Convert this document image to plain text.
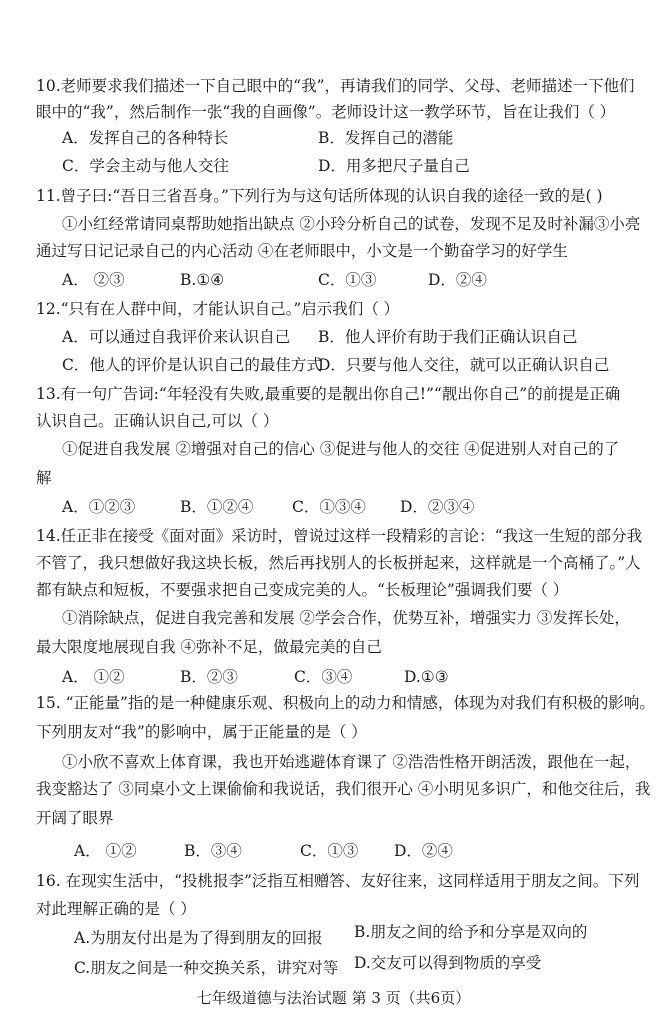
10.老师要求我们描述一下自己眼中的“我”，再请我们的同学、父母、老师描述一下他们
眼中的“我”，然后制作一张“我的自画像”。老师设计这一教学环节，旨在让我们（ ）
A．发挥自己的各种特长	B．发挥自己的潜能
C．学会主动与他人交往	D．用多把尺子量自己
11.曾子曰:“吾日三省吾身。”下列行为与这句话所体现的认识自我的途径一致的是( )
①小红经常请同桌帮助她指出缺点 ②小玲分析自己的试卷，发现不足及时补漏③小亮
通过写日记记录自己的内心活动 ④在老师眼中，小文是一个勤奋学习的好学生
A． ②③	B.①④	C．①③	D．②④
12.“只有在人群中间，才能认识自己。”启示我们（ ）
A．可以通过自我评价来认识自己 B．他人评价有助于我们正确认识自己
C．他人的评价是认识自己的最佳方式
D．只要与他人交往，就可以正确认识自己
13.有一句广告词:“年轻没有失败,最重要的是靓出你自己!”“靓出你自己”的前提是正确
认识自己。正确认识自己,可以（ ）
①促进自我发展 ②增强对自己的信心 ③促进与他人的交往 ④促进别人对自己的了
解
A．①②③	B．①②④ C．①③④ D．②③④
14.任正非在接受《面对面》采访时，曾说过这样一段精彩的言论：“我这一生短的部分我
不管了，我只想做好我这块长板，然后再找别人的长板拼起来，这样就是一个高桶了。”人
都有缺点和短板，不要强求把自己变成完美的人。“长板理论”强调我们要（ ）
①消除缺点，促进自我完善和发展 ②学会合作，优势互补，增强实力 ③发挥长处，
最大限度地展现自我 ④弥补不足，做最完美的自己
A． ①②	B．②③	C．③④	D.①③
15. “正能量”指的是一种健康乐观、积极向上的动力和情感，体现为对我们有积极的影响。
下列朋友对“我”的影响中，属于正能量的是（ ）
①小欣不喜欢上体育课，我也开始逃避体育课了 ②浩浩性格开朗活泼，跟他在一起，
我变豁达了 ③同桌小文上课偷偷和我说话，我们很开心 ④小明见多识广，和他交往后，我
开阔了眼界
A． ①②	B．③④	C．①③ D．②④
16. 在现实生活中，“投桃报李”泛指互相赠答、友好往来，这同样适用于朋友之间。下列
对此理解正确的是（ ）
A.为朋友付出是为了得到朋友的回报 B.朋友之间的给予和分享是双向的
C.朋友之间是一种交换关系，讲究对等 D.交友可以得到物质的享受
七年级道德与法治试题 第 3 页（共6页）
